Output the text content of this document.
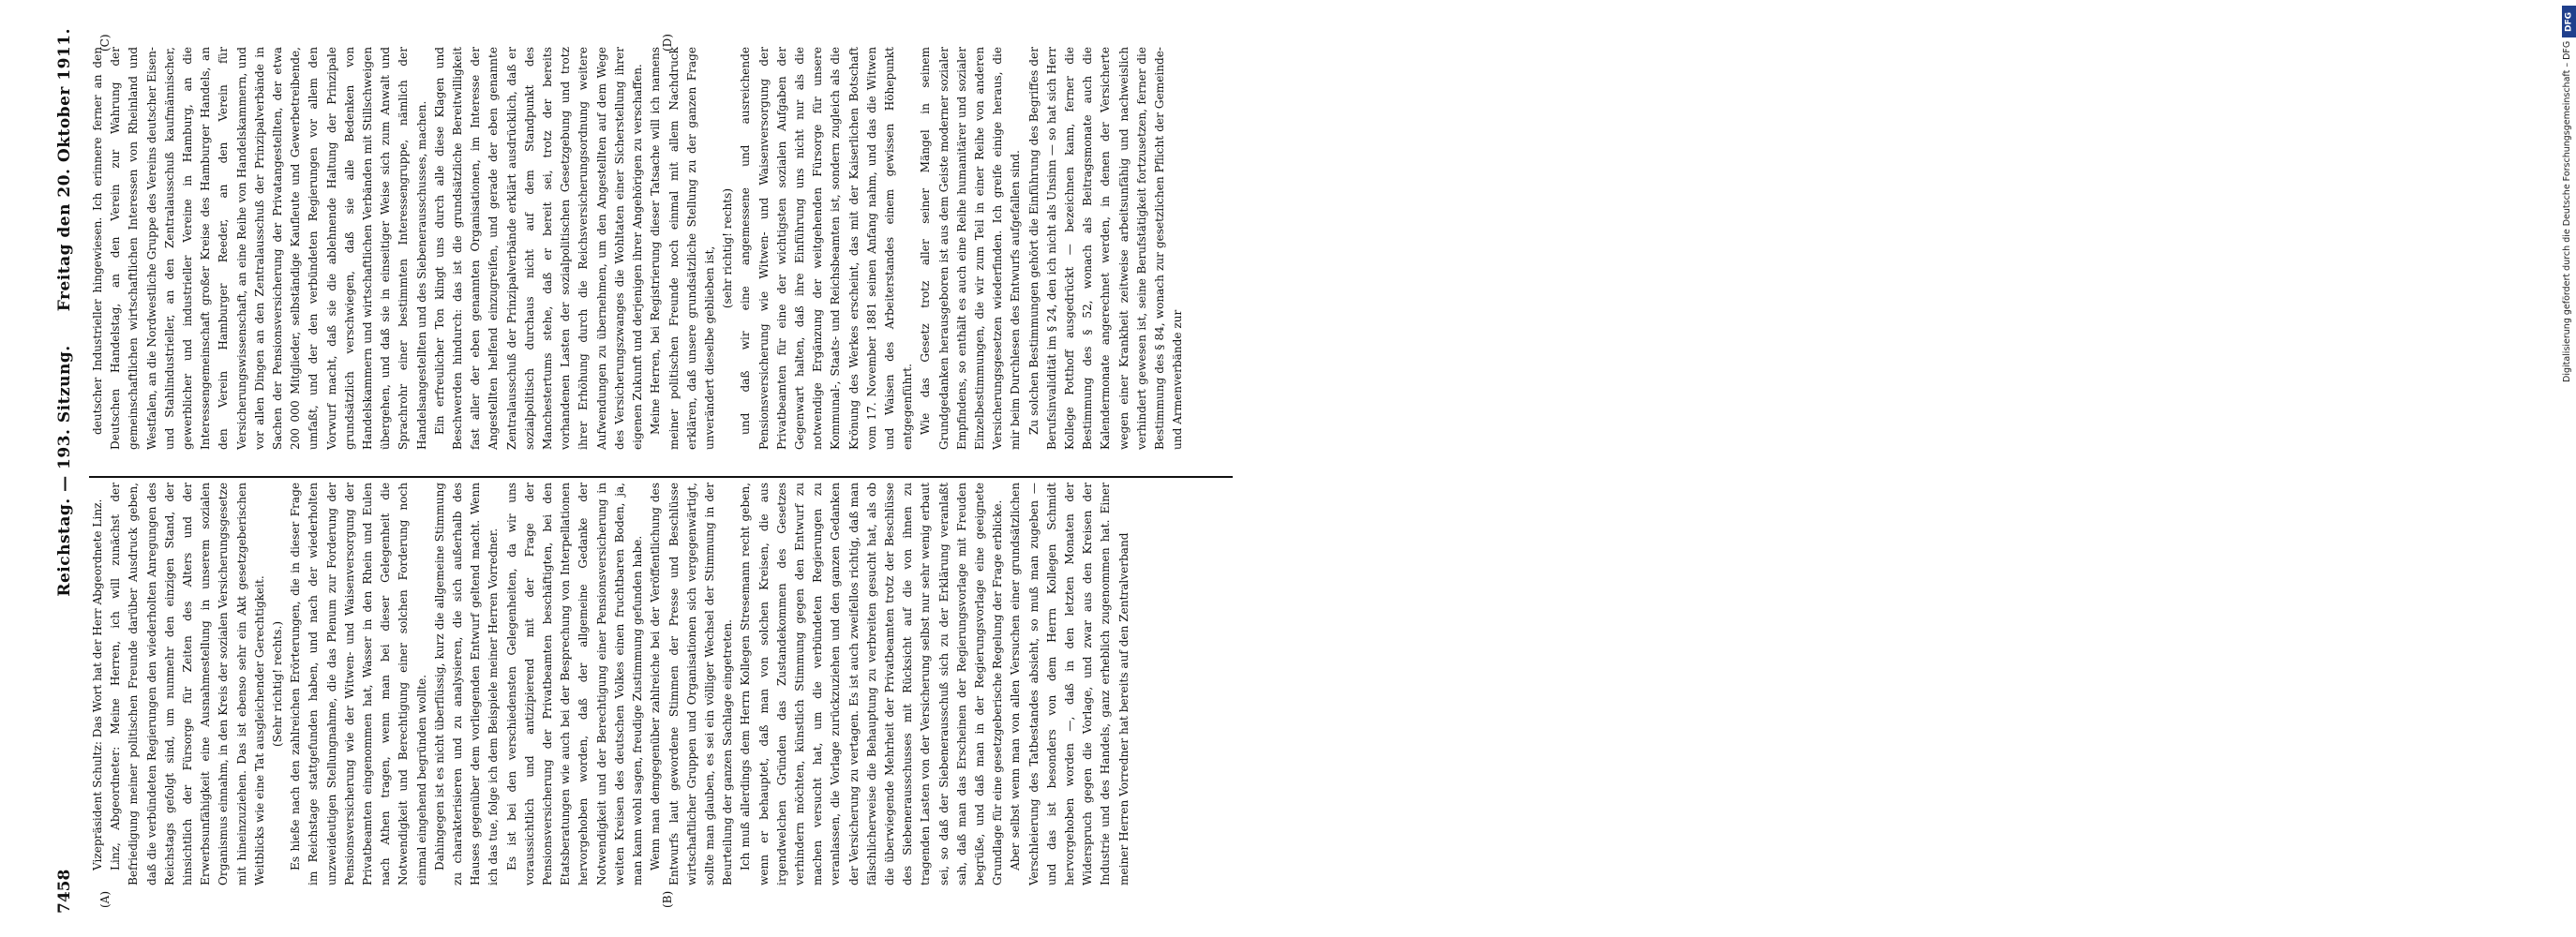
DFG
Digitalisierung gefördert durch die Deutsche Forschungsgemeinschaft – DFG
7458
Reichstag. — 193. Sitzung.
Freitag den 20. Oktober 1911.
(A)	(B)
(C)	(D)

Vizepräsident Schultz: Das Wort hat der Herr Abgeordnete Linz. Linz, Abgeordneter: Meine Herren, ich will zunächst der Befriedigung meiner politischen Freunde darüber Ausdruck geben, daß die verbündeten Regierungen den wiederholten Anregungen des Reichstags gefolgt sind, um nunmehr den einzigen Stand, der hinsichtlich der Fürsorge für Zeiten des Alters und der Erwerbsunfähigkeit eine Ausnahmestellung in unserem sozialen Organismus einnahm, in den Kreis der sozialen Versicherungsgesetze mit hineinzuziehen. Das ist ebenso sehr ein Akt gesetzgeberischen Weitblicks wie eine Tat ausgleichender Gerechtigkeit. (Sehr richtig! rechts.) Es hieße nach den zahlreichen Erörterungen, die in dieser Frage im Reichstage stattgefunden haben, und nach der wiederholten unzweideutigen Stellungnahme, die das Plenum zur Forderung der Pensionsversicherung wie der Witwen- und Waisenversorgung der Privatbeamten eingenommen hat, Wasser in den Rhein und Eulen nach Athen tragen, wenn man bei dieser Gelegenheit die Notwendigkeit und Berechtigung einer solchen Forderung noch einmal eingehend begründen wollte. Dahingegen ist es nicht überflüssig, kurz die allgemeine Stimmung zu charakterisieren und zu analysieren, die sich außerhalb des Hauses gegenüber dem vorliegenden Entwurf geltend macht. Wenn ich das tue, folge ich dem Beispiele meiner Herren Vorredner. Es ist bei den verschiedensten Gelegenheiten, da wir uns voraussichtlich und antizipierend mit der Frage der Pensionsversicherung der Privatbeamten beschäftigten, bei den Etatsberatungen wie auch bei der Besprechung von Interpellationen hervorgehoben worden, daß der allgemeine Gedanke der Notwendigkeit und der Berechtigung einer Pensionsversicherung in weiten Kreisen des deutschen Volkes einen fruchtbaren Boden, ja, man kann wohl sagen, freudige Zustimmung gefunden habe. Wenn man demgegenüber zahlreiche bei der Veröffentlichung des Entwurfs laut gewordene Stimmen der Presse und Beschlüsse wirtschaftlicher Gruppen und Organisationen sich vergegenwärtigt, sollte man glauben, es sei ein völliger Wechsel der Stimmung in der Beurteilung der ganzen Sachlage eingetreten. Ich muß allerdings dem Herrn Kollegen Stresemann recht geben, wenn er behauptet, daß man von solchen Kreisen, die aus irgendwelchen Gründen das Zustandekommen des Gesetzes verhindern möchten, künstlich Stimmung gegen den Entwurf zu machen versucht hat, um die verbündeten Regierungen zu veranlassen, die Vorlage zurückzuziehen und den ganzen Gedanken der Versicherung zu vertagen. Es ist auch zweifellos richtig, daß man fälschlicherweise die Behauptung zu verbreiten gesucht hat, als ob die überwiegende Mehrheit der Privatbeamten trotz der Beschlüsse des Siebenerausschusses mit Rücksicht auf die von ihnen zu tragenden Lasten von der Versicherung selbst nur sehr wenig erbaut sei, so daß der Siebenerausschuß sich zu der Erklärung veranlaßt sah, daß man das Erscheinen der Regierungsvorlage mit Freuden begrüße, und daß man in der Regierungsvorlage eine geeignete Grundlage für eine gesetzgeberische Regelung der Frage erblicke. Aber selbst wenn man von allen Versuchen einer grundsätzlichen Verschleierung des Tatbestandes absieht, so muß man zugeben — und das ist besonders von dem Herrn Kollegen Schmidt hervorgehoben worden —, daß in den letzten Monaten der Widerspruch gegen die Vorlage, und zwar aus den Kreisen der Industrie und des Handels, ganz erheblich zugenommen hat. Einer meiner Herren Vorredner hat bereits auf den Zentralverband

deutscher Industrieller hingewiesen. Ich erinnere ferner an den Deutschen Handelstag, an den Verein zur Wahrung der gemeinschaftlichen wirtschaftlichen Interessen von Rheinland und Westfalen, an die Nordwestliche Gruppe des Vereins deutscher Eisen- und Stahlindustrieller, an den Zentralausschuß kaufmännischer, gewerblicher und industrieller Vereine in Hamburg, an die Interessengemeinschaft großer Kreise des Hamburger Handels, an den Verein Hamburger Reeder, an den Verein für Versicherungswissenschaft, an eine Reihe von Handelskammern, und vor allen Dingen an den Zentralausschuß der Prinzipalverbände in Sachen der Pensionsversicherung der Privatangestellten, der etwa 200 000 Mitglieder, selbständige Kaufleute und Gewerbetreibende, umfaßt, und der den verbündeten Regierungen vor allem den Vorwurf macht, daß sie die ablehnende Haltung der Prinzipale grundsätzlich verschwiegen, daß sie alle Bedenken von Handelskammern und wirtschaftlichen Verbänden mit Stillschweigen übergehen, und daß sie in einseitiger Weise sich zum Anwalt und Sprachrohr einer bestimmten Interessengruppe, nämlich der Handelsangestellten und des Siebenerausschusses, machen. Ein erfreulicher Ton klingt uns durch alle diese Klagen und Beschwerden hindurch: das ist die grundsätzliche Bereitwilligkeit fast aller der eben genannten Organisationen, im Interesse der Angestellten helfend einzugreifen, und gerade der eben genannte Zentralausschuß der Prinzipalverbände erklärt ausdrücklich, daß er sozialpolitisch durchaus nicht auf dem Standpunkt des Manchestertums stehe, daß er bereit sei, trotz der bereits vorhandenen Lasten der sozialpolitischen Gesetzgebung und trotz ihrer Erhöhung durch die Reichsversicherungsordnung weitere Aufwendungen zu übernehmen, um den Angestellten auf dem Wege des Versicherungszwanges die Wohltaten einer Sicherstellung ihrer eigenen Zukunft und derjenigen ihrer Angehörigen zu verschaffen. Meine Herren, bei Registrierung dieser Tatsache will ich namens meiner politischen Freunde noch einmal mit allem Nachdruck erklären, daß unsere grundsätzliche Stellung zu der ganzen Frage unverändert dieselbe geblieben ist, (sehr richtig! rechts) und daß wir eine angemessene und ausreichende Pensionsversicherung wie Witwen- und Waisenversorgung der Privatbeamten für eine der wichtigsten sozialen Aufgaben der Gegenwart halten, daß ihre Einführung uns nicht nur als die notwendige Ergänzung der weitgehenden Fürsorge für unsere Kommunal-, Staats- und Reichsbeamten ist, sondern zugleich als die Krönung des Werkes erscheint, das mit der Kaiserlichen Botschaft vom 17. November 1881 seinen Anfang nahm, und das die Witwen und Waisen des Arbeiterstandes einem gewissen Höhepunkt entgegenführt. Wie das Gesetz trotz aller seiner Mängel in seinem Grundgedanken herausgeboren ist aus dem Geiste moderner sozialer Empfindens, so enthält es auch eine Reihe humanitärer und sozialer Einzelbestimmungen, die wir zum Teil in einer Reihe von anderen Versicherungsgesetzen wiederfinden. Ich greife einige heraus, die mir beim Durchlesen des Entwurfs aufgefallen sind. Zu solchen Bestimmungen gehört die Einführung des Begriffes der Berufsinvalidität im § 24, den ich nicht als Unsinn — so hat sich Herr Kollege Potthoff ausgedrückt — bezeichnen kann, ferner die Bestimmung des § 52, wonach als Beitragsmonate auch die Kalendermonate angerechnet werden, in denen der Versicherte wegen einer Krankheit zeitweise arbeitsunfähig und nachweislich verhindert gewesen ist, seine Berufstätigkeit fortzusetzen, ferner die Bestimmung des § 84, wonach zur gesetzlichen Pflicht der Gemeinde- und Armenverbände zur
